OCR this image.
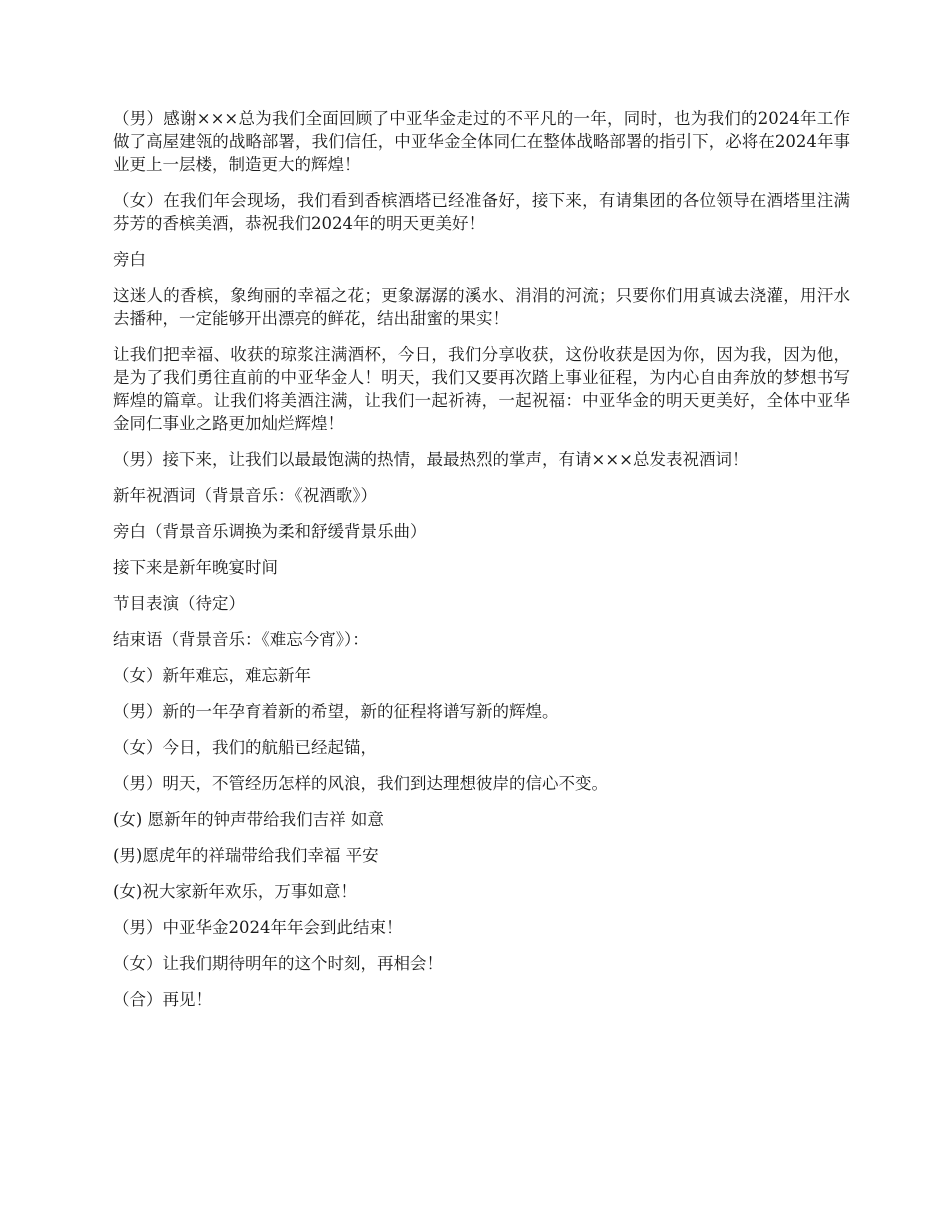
（男）感谢×××总为我们全面回顾了中亚华金走过的不平凡的一年，同时，也为我们的2024年工作做了高屋建瓴的战略部署，我们信任，中亚华金全体同仁在整体战略部署的指引下，必将在2024年事业更上一层楼，制造更大的辉煌！

（女）在我们年会现场，我们看到香槟酒塔已经准备好，接下来，有请集团的各位领导在酒塔里注满芬芳的香槟美酒，恭祝我们2024年的明天更美好！

旁白

这迷人的香槟，象绚丽的幸福之花；更象潺潺的溪水、涓涓的河流；只要你们用真诚去浇灌，用汗水去播种，一定能够开出漂亮的鲜花，结出甜蜜的果实！

让我们把幸福、收获的琼浆注满酒杯，今日，我们分享收获，这份收获是因为你，因为我，因为他，是为了我们勇往直前的中亚华金人！明天，我们又要再次踏上事业征程，为内心自由奔放的梦想书写辉煌的篇章。让我们将美酒注满，让我们一起祈祷，一起祝福：中亚华金的明天更美好，全体中亚华金同仁事业之路更加灿烂辉煌！

（男）接下来，让我们以最最饱满的热情，最最热烈的掌声，有请×××总发表祝酒词！

新年祝酒词（背景音乐：《祝酒歌》）

旁白（背景音乐调换为柔和舒缓背景乐曲）

接下来是新年晚宴时间

节目表演（待定）

结束语（背景音乐：《难忘今宵》）：

（女）新年难忘，难忘新年

（男）新的一年孕育着新的希望，新的征程将谱写新的辉煌。

（女）今日，我们的航船已经起锚，

（男）明天，不管经历怎样的风浪，我们到达理想彼岸的信心不变。

(女) 愿新年的钟声带给我们吉祥 如意

(男)愿虎年的祥瑞带给我们幸福 平安

(女)祝大家新年欢乐，万事如意！

（男）中亚华金2024年年会到此结束！

（女）让我们期待明年的这个时刻，再相会！

（合）再见！
